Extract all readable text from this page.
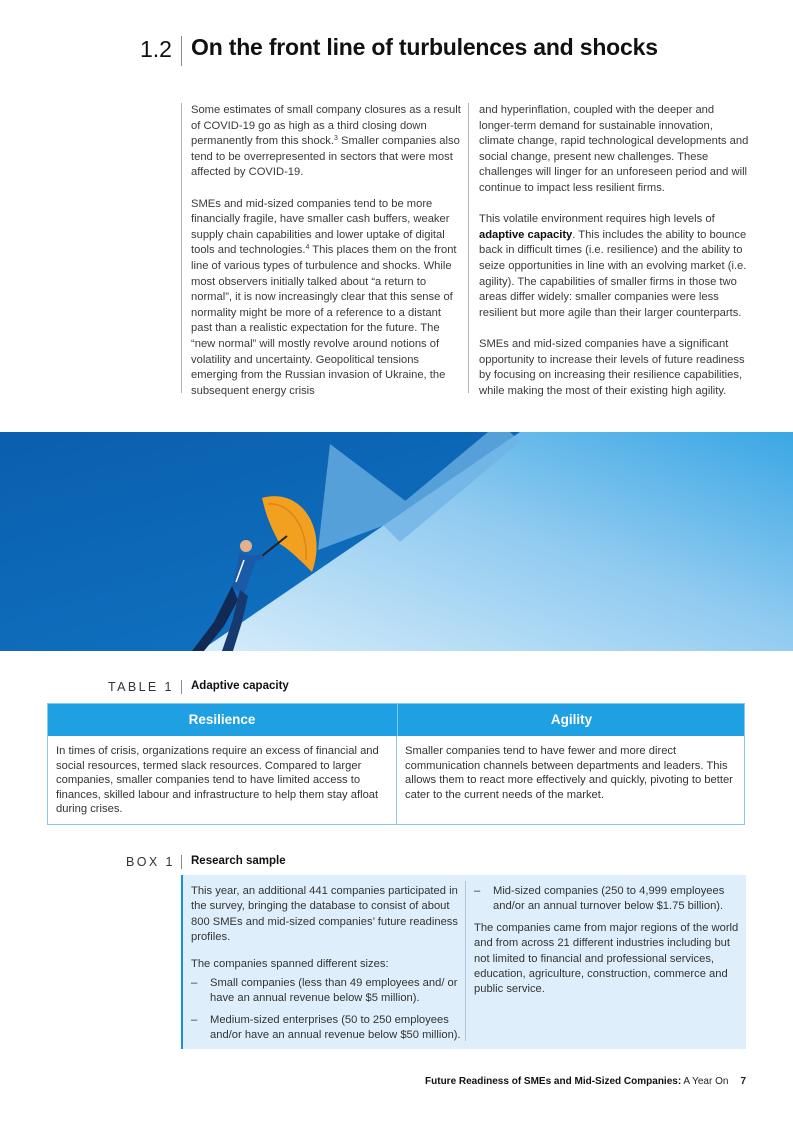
1.2 On the front line of turbulences and shocks

Some estimates of small company closures as a result of COVID-19 go as high as a third closing down permanently from this shock.$^3$ Smaller companies also tend to be overrepresented in sectors that were most affected by COVID-19.

SMEs and mid-sized companies tend to be more financially fragile, have smaller cash buffers, weaker supply chain capabilities and lower uptake of digital tools and technologies.$^4$ This places them on the front line of various types of turbulence and shocks. While most observers initially talked about “a return to normal”, it is now increasingly clear that this sense of normality might be more of a reference to a distant past than a realistic expectation for the future. The “new normal” will mostly revolve around notions of volatility and uncertainty. Geopolitical tensions emerging from the Russian invasion of Ukraine, the subsequent energy crisis

and hyperinflation, coupled with the deeper and longer-term demand for sustainable innovation, climate change, rapid technological developments and social change, present new challenges. These challenges will linger for an unforeseen period and will continue to impact less resilient firms.

This volatile environment requires high levels of adaptive capacity. This includes the ability to bounce back in difficult times (i.e. resilience) and the ability to seize opportunities in line with an evolving market (i.e. agility). The capabilities of smaller firms in those two areas differ widely: smaller companies were less resilient but more agile than their larger counterparts.

SMEs and mid-sized companies have a significant opportunity to increase their levels of future readiness by focusing on increasing their resilience capabilities, while making the most of their existing high agility.

TABLE 1 Adaptive capacity
Resilience	Agility
In times of crisis, organizations require an excess of financial and social resources, termed slack resources. Compared to larger companies, smaller companies tend to have limited access to finances, skilled labour and infrastructure to help them stay afloat during crises.
Smaller companies tend to have fewer and more direct communication channels between departments and leaders. This allows them to react more effectively and quickly, pivoting to better cater to the current needs of the market.
BOX 1 Research sample

This year, an additional 441 companies participated in the survey, bringing the database to consist of about 800 SMEs and mid-sized companies’ future readiness profiles.

The companies spanned different sizes:

– Small companies (less than 49 employees and/ or have an annual revenue below $5 million).
– Medium-sized enterprises (50 to 250 employees and/or have an annual revenue below $50 million).
– Mid-sized companies (250 to 4,999 employees and/or an annual turnover below $1.75 billion).

The companies came from major regions of the world and from across 21 different industries including but not limited to financial and professional services, education, agriculture, construction, commerce and public service.

Future Readiness of SMEs and Mid-Sized Companies: A Year On 7
